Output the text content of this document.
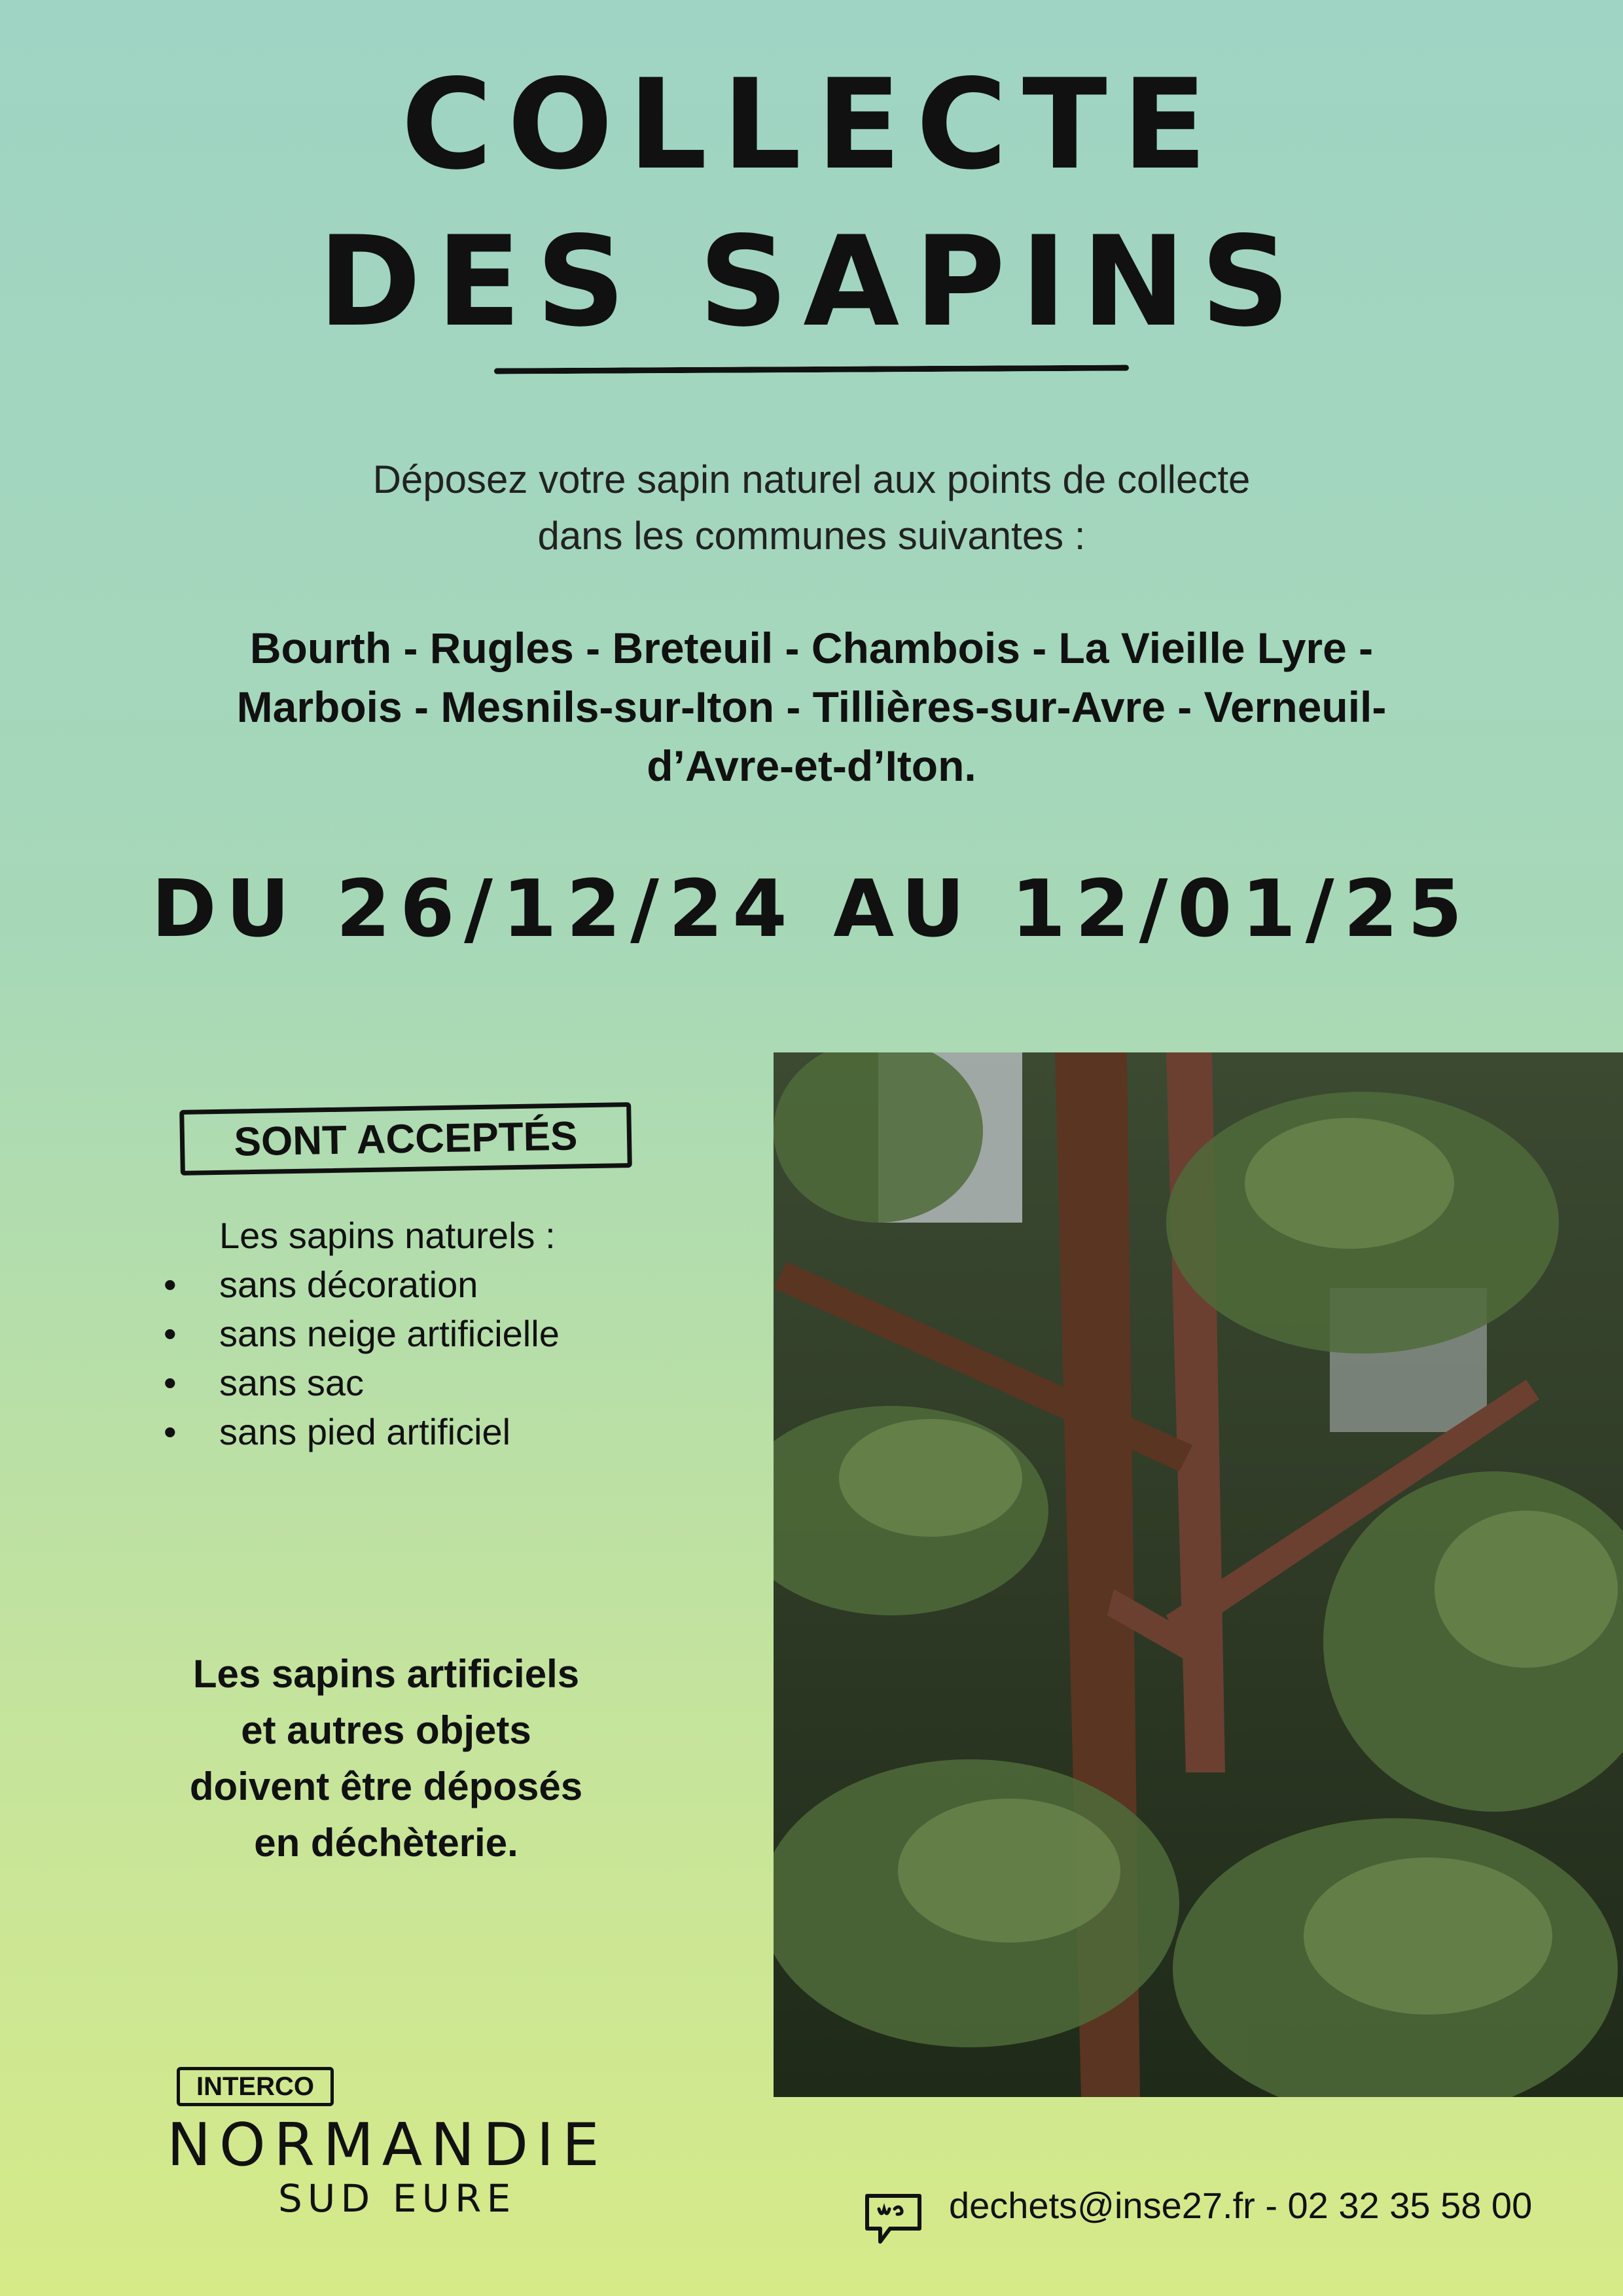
COLLECTE
DES SAPINS
Déposez votre sapin naturel aux points de collecte
dans les communes suivantes :
Bourth - Rugles - Breteuil - Chambois - La Vieille Lyre -
Marbois - Mesnils-sur-Iton - Tillières-sur-Avre - Verneuil-
d’Avre-et-d’Iton.
DU 26/12/24 AU 12/01/25
SONT ACCEPTÉS
Les sapins naturels :
• sans décoration
• sans neige artificielle
• sans sac
• sans pied artificiel
Les sapins artificiels
et autres objets
doivent être déposés
en déchèterie.
INTERCO
NORMANDIE
SUD EURE	dechets@inse27.fr - 02 32 35 58 00
